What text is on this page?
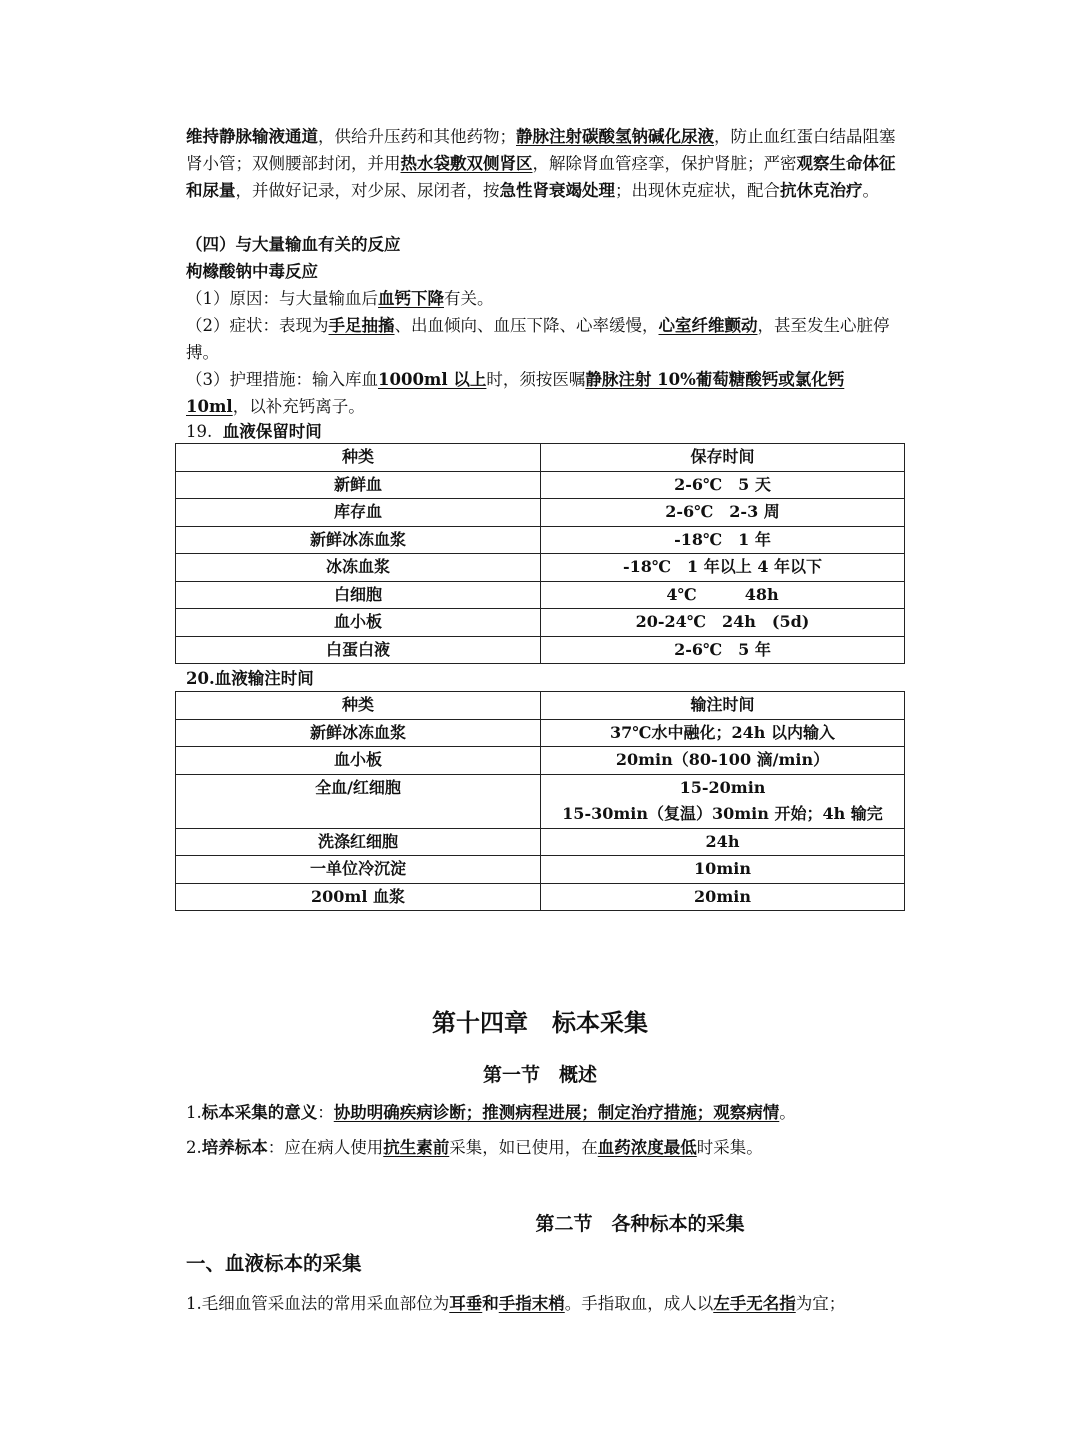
维持静脉输液通道，供给升压药和其他药物；静脉注射碳酸氢钠碱化尿液，防止血红蛋白结晶阻塞肾小管；双侧腰部封闭，并用热水袋敷双侧肾区，解除肾血管痉挛，保护肾脏；严密观察生命体征和尿量，并做好记录，对少尿、尿闭者，按急性肾衰竭处理；出现休克症状，配合抗休克治疗。
（四）与大量输血有关的反应
枸橼酸钠中毒反应
（1）原因：与大量输血后血钙下降有关。
（2）症状：表现为手足抽搐、出血倾向、血压下降、心率缓慢，心室纤维颤动，甚至发生心脏停搏。
（3）护理措施：输入库血1000ml 以上时，须按医嘱静脉注射 10%葡萄糖酸钙或氯化钙 10ml，以补充钙离子。
19. 血液保留时间
种类	保存时间
新鲜血	2-6℃　5 天
库存血	2-6℃　2-3 周
新鲜冰冻血浆	-18℃　1 年
冰冻血浆	-18℃　1 年以上 4 年以下
白细胞	4℃　　　48h
血小板	20-24℃　24h　(5d)
白蛋白液	2-6℃　5 年
20.血液输注时间
种类	输注时间
新鲜冰冻血浆	37℃水中融化；24h 以内输入
血小板	20min（80-100 滴/min）
全血/红细胞	15-20min
	15-30min（复温）30min 开始；4h 输完
洗涤红细胞	24h
一单位冷沉淀	10min
200ml 血浆	20min
第十四章　标本采集
第一节　概述
1.标本采集的意义：协助明确疾病诊断；推测病程进展；制定治疗措施；观察病情。
2.培养标本：应在病人使用抗生素前采集，如已使用，在血药浓度最低时采集。
第二节　各种标本的采集
一、血液标本的采集
1.毛细血管采血法的常用采血部位为耳垂和手指末梢。手指取血，成人以左手无名指为宜；
